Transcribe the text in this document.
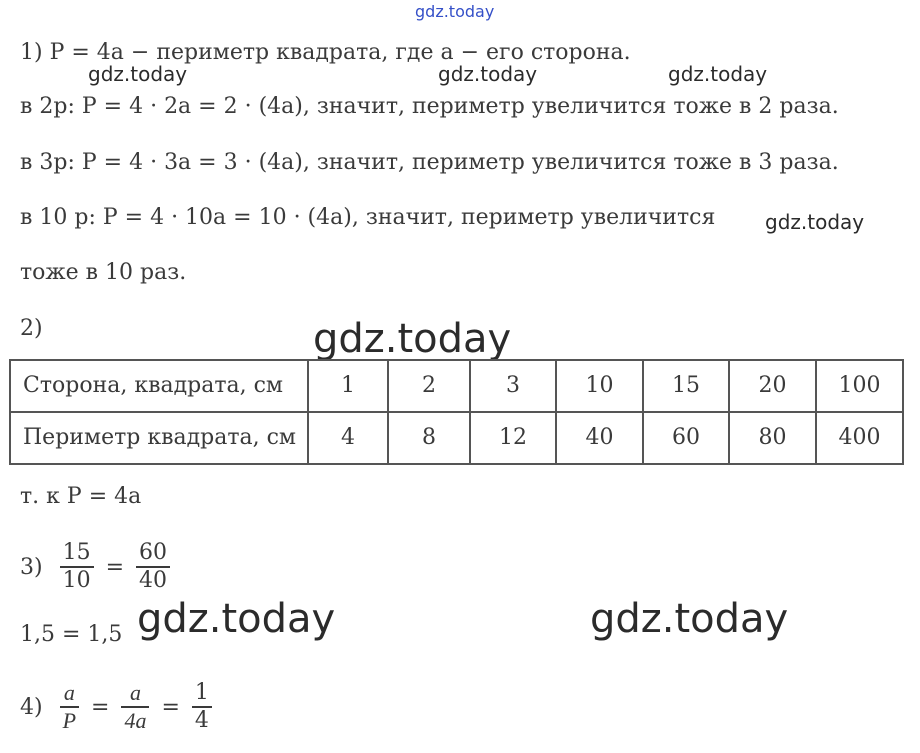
gdz.today
gdz.today	gdz.today	gdz.today
gdz.today
gdz.today
gdz.today	gdz.today
1) P = 4a − периметр квадрата, где a − его сторона.
в 2р: P = 4 · 2a = 2 · (4a), значит, периметр увеличится тоже в 2 раза.
в 3р: P = 4 · 3a = 3 · (4a), значит, периметр увеличится тоже в 3 раза.
в 10 р: P = 4 · 10a = 10 · (4a), значит, периметр увеличится
тоже в 10 раз.
2)
Сторона, квадрата, см	1	2	3	10	15	20	100
Периметр квадрата, см	4	8	12	40	60	80	400
т. к P = 4a
$3) \frac{15}{10} = \frac{60}{40}$
1,5 = 1,5
$4) \frac{a}{P} = \frac{a}{4a} = \frac{1}{4}$
